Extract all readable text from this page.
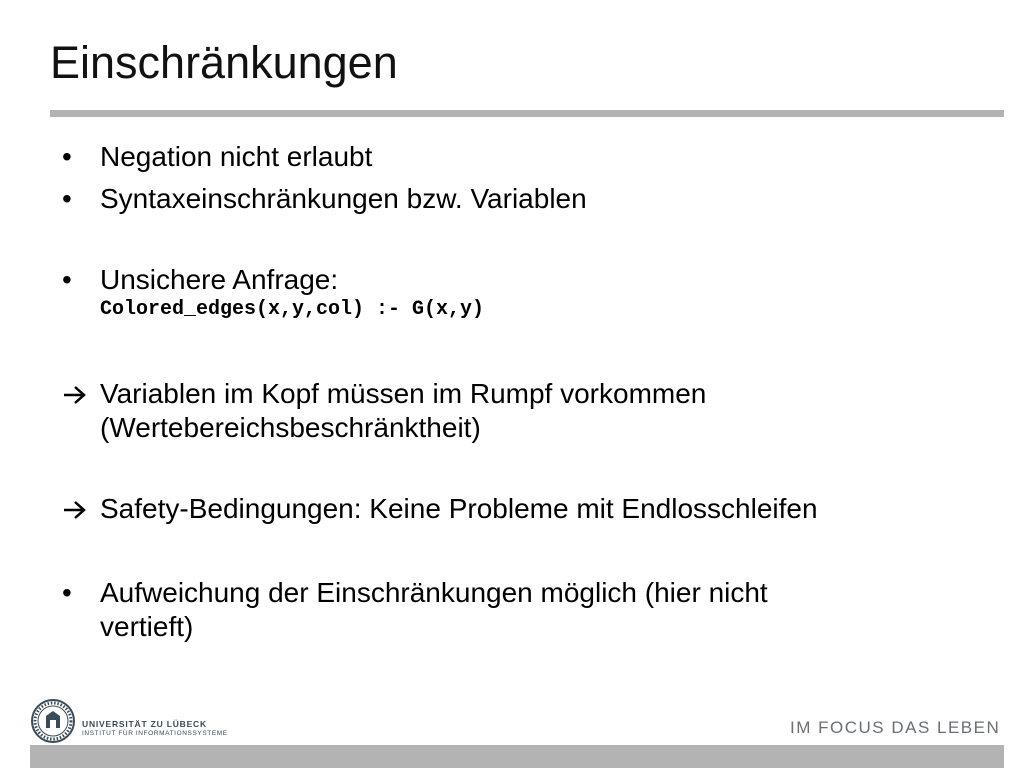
Einschränkungen
•	Negation nicht erlaubt
•	Syntaxeinschränkungen bzw. Variablen
•	Unsichere Anfrage:
Colored_edges(x,y,col) :- G(x,y)
Variablen im Kopf müssen im Rumpf vorkommen
(Wertebereichsbeschränktheit)
Safety-Bedingungen: Keine Probleme mit Endlosschleifen
•	Aufweichung der Einschränkungen möglich (hier nicht
vertieft)
UNIVERSITÄT ZU LÜBECK
INSTITUT FÜR INFORMATIONSSYSTEME	IM FOCUS DAS LEBEN
